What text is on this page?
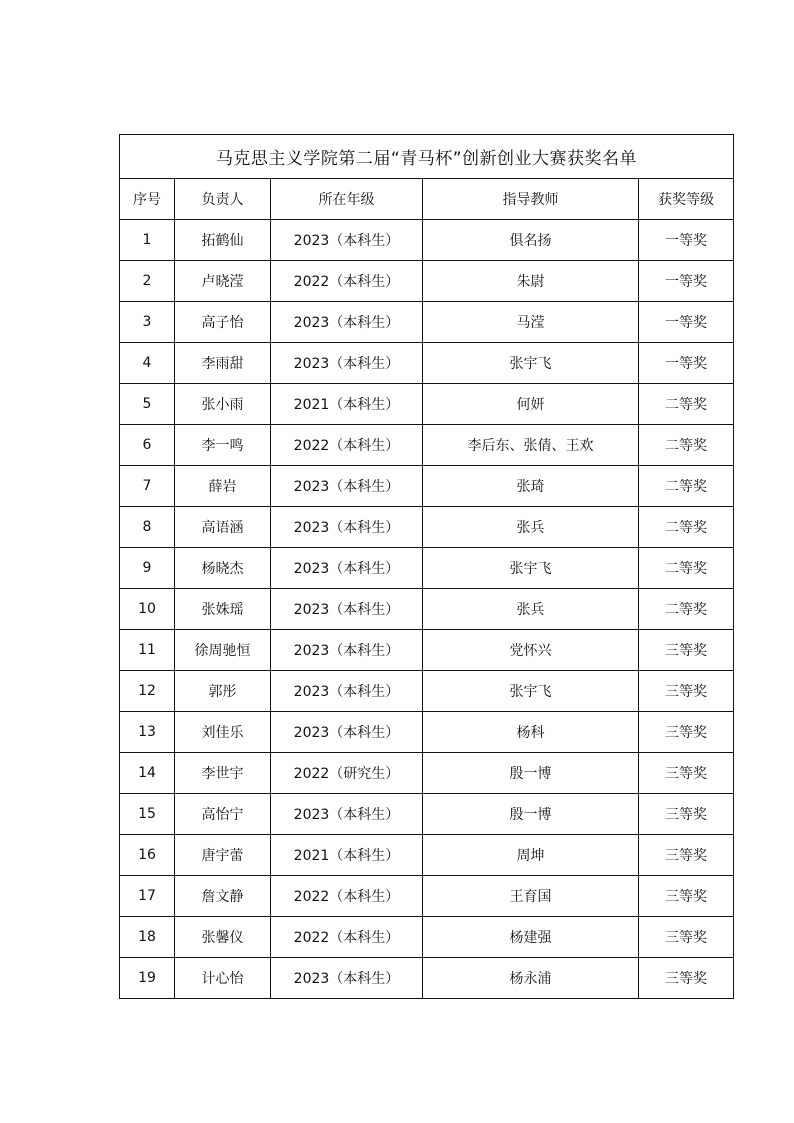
马克思主义学院第二届“青马杯”创新创业大赛获奖名单				
序号	负责人	所在年级	指导教师	获奖等级
1	拓鹤仙	2023（本科生）	俱名扬	一等奖
2	卢晓滢	2022（本科生）	朱尉	一等奖
3	高子怡	2023（本科生）	马滢	一等奖
4	李雨甜	2023（本科生）	张宇飞	一等奖
5	张小雨	2021（本科生）	何妍	二等奖
6	李一鸣	2022（本科生）	李后东、张倩、王欢	二等奖
7	薛岩	2023（本科生）	张琦	二等奖
8	高语涵	2023（本科生）	张兵	二等奖
9	杨晓杰	2023（本科生）	张宇飞	二等奖
10	张姝瑶	2023（本科生）	张兵	二等奖
11	徐周驰恒	2023（本科生）	党怀兴	三等奖
12	郭彤	2023（本科生）	张宇飞	三等奖
13	刘佳乐	2023（本科生）	杨科	三等奖
14	李世宇	2022（研究生）	殷一博	三等奖
15	高怡宁	2023（本科生）	殷一博	三等奖
16	唐宇蕾	2021（本科生）	周坤	三等奖
17	詹文静	2022（本科生）	王育国	三等奖
18	张馨仪	2022（本科生）	杨建强	三等奖
19	计心怡	2023（本科生）	杨永浦	三等奖
